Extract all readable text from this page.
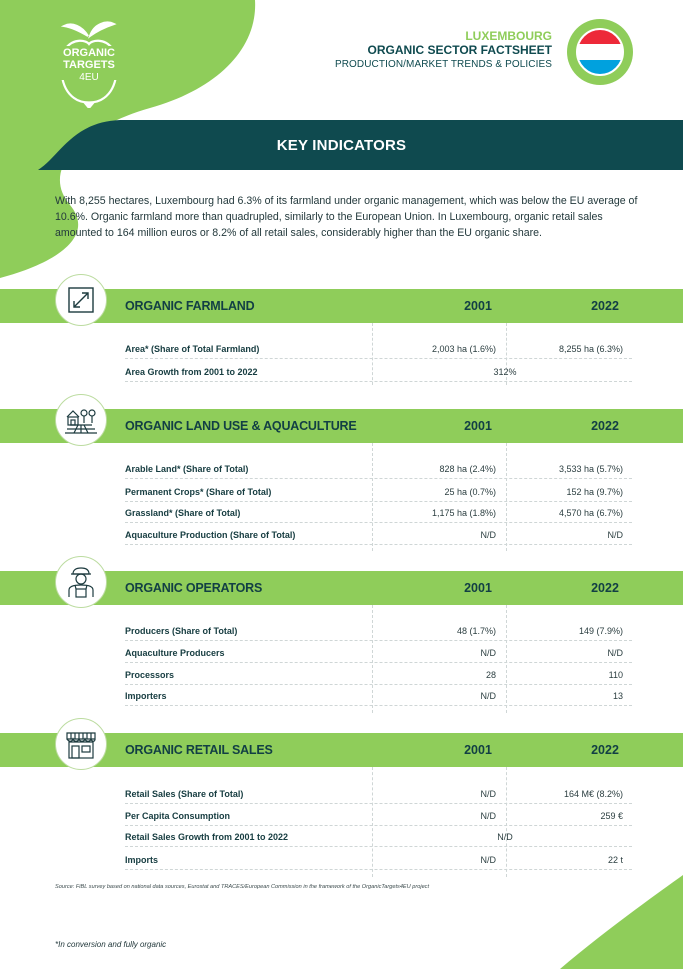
ORGANIC
TARGETS
4EU
LUXEMBOURG
ORGANIC SECTOR FACTSHEET
PRODUCTION/MARKET TRENDS & POLICIES
KEY INDICATORS
With 8,255 hectares, Luxembourg had 6.3% of its farmland under organic management, which was below the EU average of 10.6%. Organic farmland more than quadrupled, similarly to the European Union. In Luxembourg, organic retail sales amounted to 164 million euros or 8.2% of all retail sales, considerably higher than the EU organic share.
ORGANIC FARMLAND	2001	2022
Area* (Share of Total Farmland)	2,003 ha (1.6%)	8,255 ha (6.3%)
Area Growth from 2001 to 2022	312%
ORGANIC LAND USE & AQUACULTURE	2001	2022
Arable Land* (Share of Total)	828 ha (2.4%)	3,533 ha (5.7%)
Permanent Crops* (Share of Total)	25 ha (0.7%)	152 ha (9.7%)
Grassland* (Share of Total)	1,175 ha (1.8%)	4,570 ha (6.7%)
Aquaculture Production (Share of Total)	N/D	N/D
ORGANIC OPERATORS	2001	2022
Producers (Share of Total)	48 (1.7%)	149 (7.9%)
Aquaculture Producers	N/D	N/D
Processors	28	110
Importers	N/D	13
ORGANIC RETAIL SALES	2001	2022
Retail Sales (Share of Total)	N/D	164 M€ (8.2%)
Per Capita Consumption	N/D	259 €
Retail Sales Growth from 2001 to 2022	N/D
Imports	N/D	22 t
Source: FiBL survey based on national data sources, Eurostat and TRACES/European Commission in the framework of the OrganicTargets4EU project
*In conversion and fully organic
